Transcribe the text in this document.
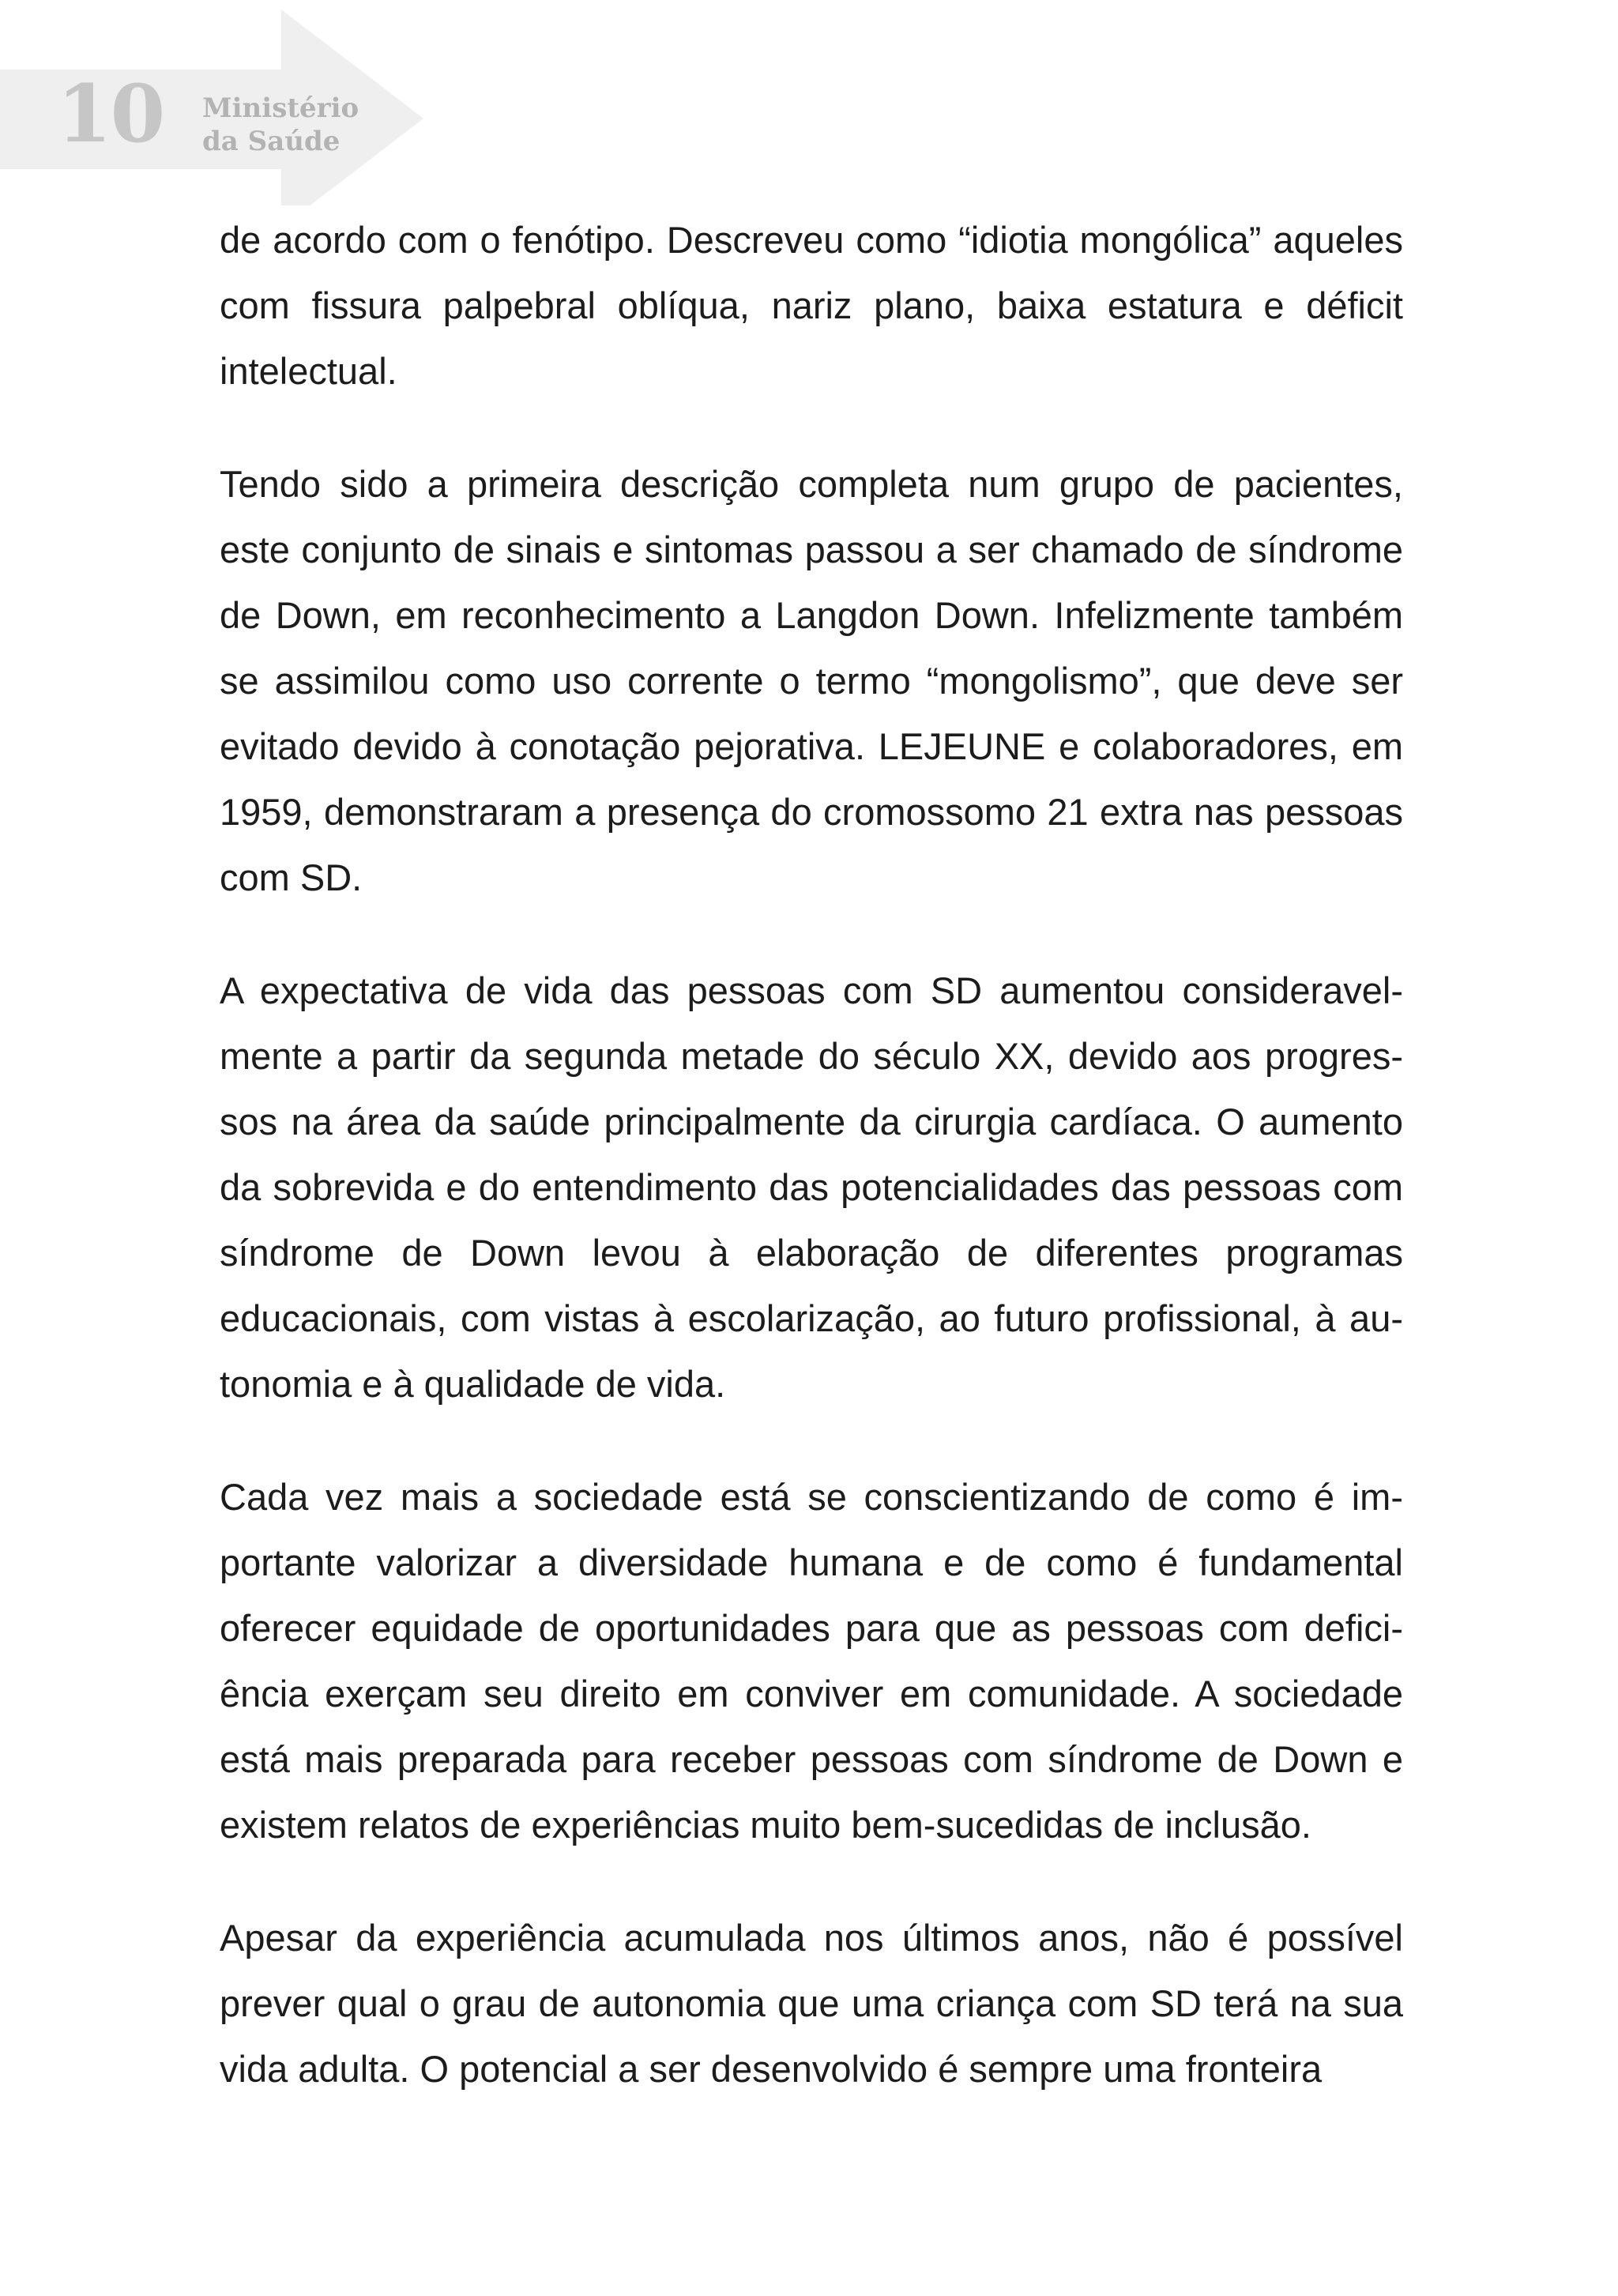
10 Ministério
da Saúde

de acordo com o fenótipo. Descreveu como “idiotia mongólica” aqueles com fissura palpebral oblíqua, nariz plano, baixa estatura e déficit intelectual.

Tendo sido a primeira descrição completa num grupo de pacientes, este conjunto de sinais e sintomas passou a ser chamado de síndrome de Down, em reconhecimento a Langdon Down. Infelizmente também se assimilou como uso corrente o termo “mongolismo”, que deve ser evitado devido à conotação pejorativa. LEJEUNE e colaboradores, em 1959, demonstraram a presença do cromossomo 21 extra nas pessoas com SD.

A expectativa de vida das pessoas com SD aumentou consideravelmente a partir da segunda metade do século XX, devido aos progressos na área da saúde principalmente da cirurgia cardíaca. O aumento da sobrevida e do entendimento das potencialidades das pessoas com síndrome de Down levou à elaboração de diferentes programas educacionais, com vistas à escolarização, ao futuro profissional, à autonomia e à qualidade de vida.

Cada vez mais a sociedade está se conscientizando de como é importante valorizar a diversidade humana e de como é fundamental oferecer equidade de oportunidades para que as pessoas com deficiência exerçam seu direito em conviver em comunidade. A sociedade está mais preparada para receber pessoas com síndrome de Down e existem relatos de experiências muito bem-sucedidas de inclusão.

Apesar da experiência acumulada nos últimos anos, não é possível prever qual o grau de autonomia que uma criança com SD terá na sua vida adulta. O potencial a ser desenvolvido é sempre uma fronteira
